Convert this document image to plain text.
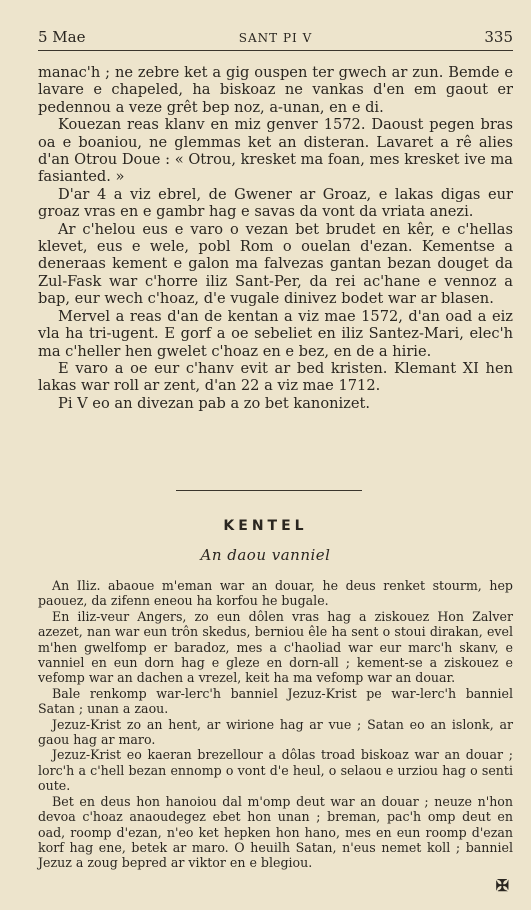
5 Mae	SANT PI V	335

manac'h ; ne zebre ket a gig ouspen ter gwech ar zun. Bemde e lavare e chapeled, ha biskoaz ne vankas d'en em gaout er pedennou a veze grêt bep noz, a-unan, en e di.

Kouezan reas klanv en miz genver 1572. Daoust pegen bras oa e boaniou, ne glemmas ket an disteran. Lavaret a rê alies d'an Otrou Doue : « Otrou, kresket ma foan, mes kresket ive ma fasianted. »

D'ar 4 a viz ebrel, de Gwener ar Groaz, e lakas digas eur groaz vras en e gambr hag e savas da vont da vriata anezi.

Ar c'helou eus e varo o vezan bet brudet en kêr, e c'hellas klevet, eus e wele, pobl Rom o ouelan d'ezan. Kementse a deneraas kement e galon ma falvezas gantan bezan douget da Zul-Fask war c'horre iliz Sant-Per, da rei ac'hane e vennoz a bap, eur wech c'hoaz, d'e vugale dinivez bodet war ar blasen.

Mervel a reas d'an de kentan a viz mae 1572, d'an oad a eiz vla ha tri-ugent. E gorf a oe sebeliet en iliz Santez-Mari, elec'h ma c'heller hen gwelet c'hoaz en e bez, en de a hirie.

E varo a oe eur c'hanv evit ar bed kristen. Klemant XI hen lakas war roll ar zent, d'an 22 a viz mae 1712.

Pi V eo an divezan pab a zo bet kanonizet.

KENTEL
An daou vanniel

An Iliz. abaoue m'eman war an douar, he deus renket stourm, hep paouez, da zifenn eneou ha korfou he bugale.

En iliz-veur Angers, zo eun dôlen vras hag a ziskouez Hon Zalver azezet, nan war eun trôn skedus, berniou êle ha sent o stoui dirakan, evel m'hen gwelfomp er baradoz, mes a c'haoliad war eur marc'h skanv, e vanniel en eun dorn hag e gleze en dorn-all ; kement-se a ziskouez e vefomp war an dachen a vrezel, keit ha ma vefomp war an douar.

Bale renkomp war-lerc'h banniel Jezuz-Krist pe war-lerc'h banniel Satan ; unan a zaou.

Jezuz-Krist zo an hent, ar wirione hag ar vue ; Satan eo an islonk, ar gaou hag ar maro.

Jezuz-Krist eo kaeran brezellour a dôlas troad biskoaz war an douar ; lorc'h a c'hell bezan ennomp o vont d'e heul, o selaou e urziou hag o senti oute.

Bet en deus hon hanoiou dal m'omp deut war an douar ; neuze n'hon devoa c'hoaz anaoudegez ebet hon unan ; breman, pac'h omp deut en oad, roomp d'ezan, n'eo ket hepken hon hano, mes en eun roomp d'ezan korf hag ene, betek ar maro. O heuilh Satan, n'eus nemet koll ; banniel Jezuz a zoug bepred ar viktor en e blegiou.

✠
